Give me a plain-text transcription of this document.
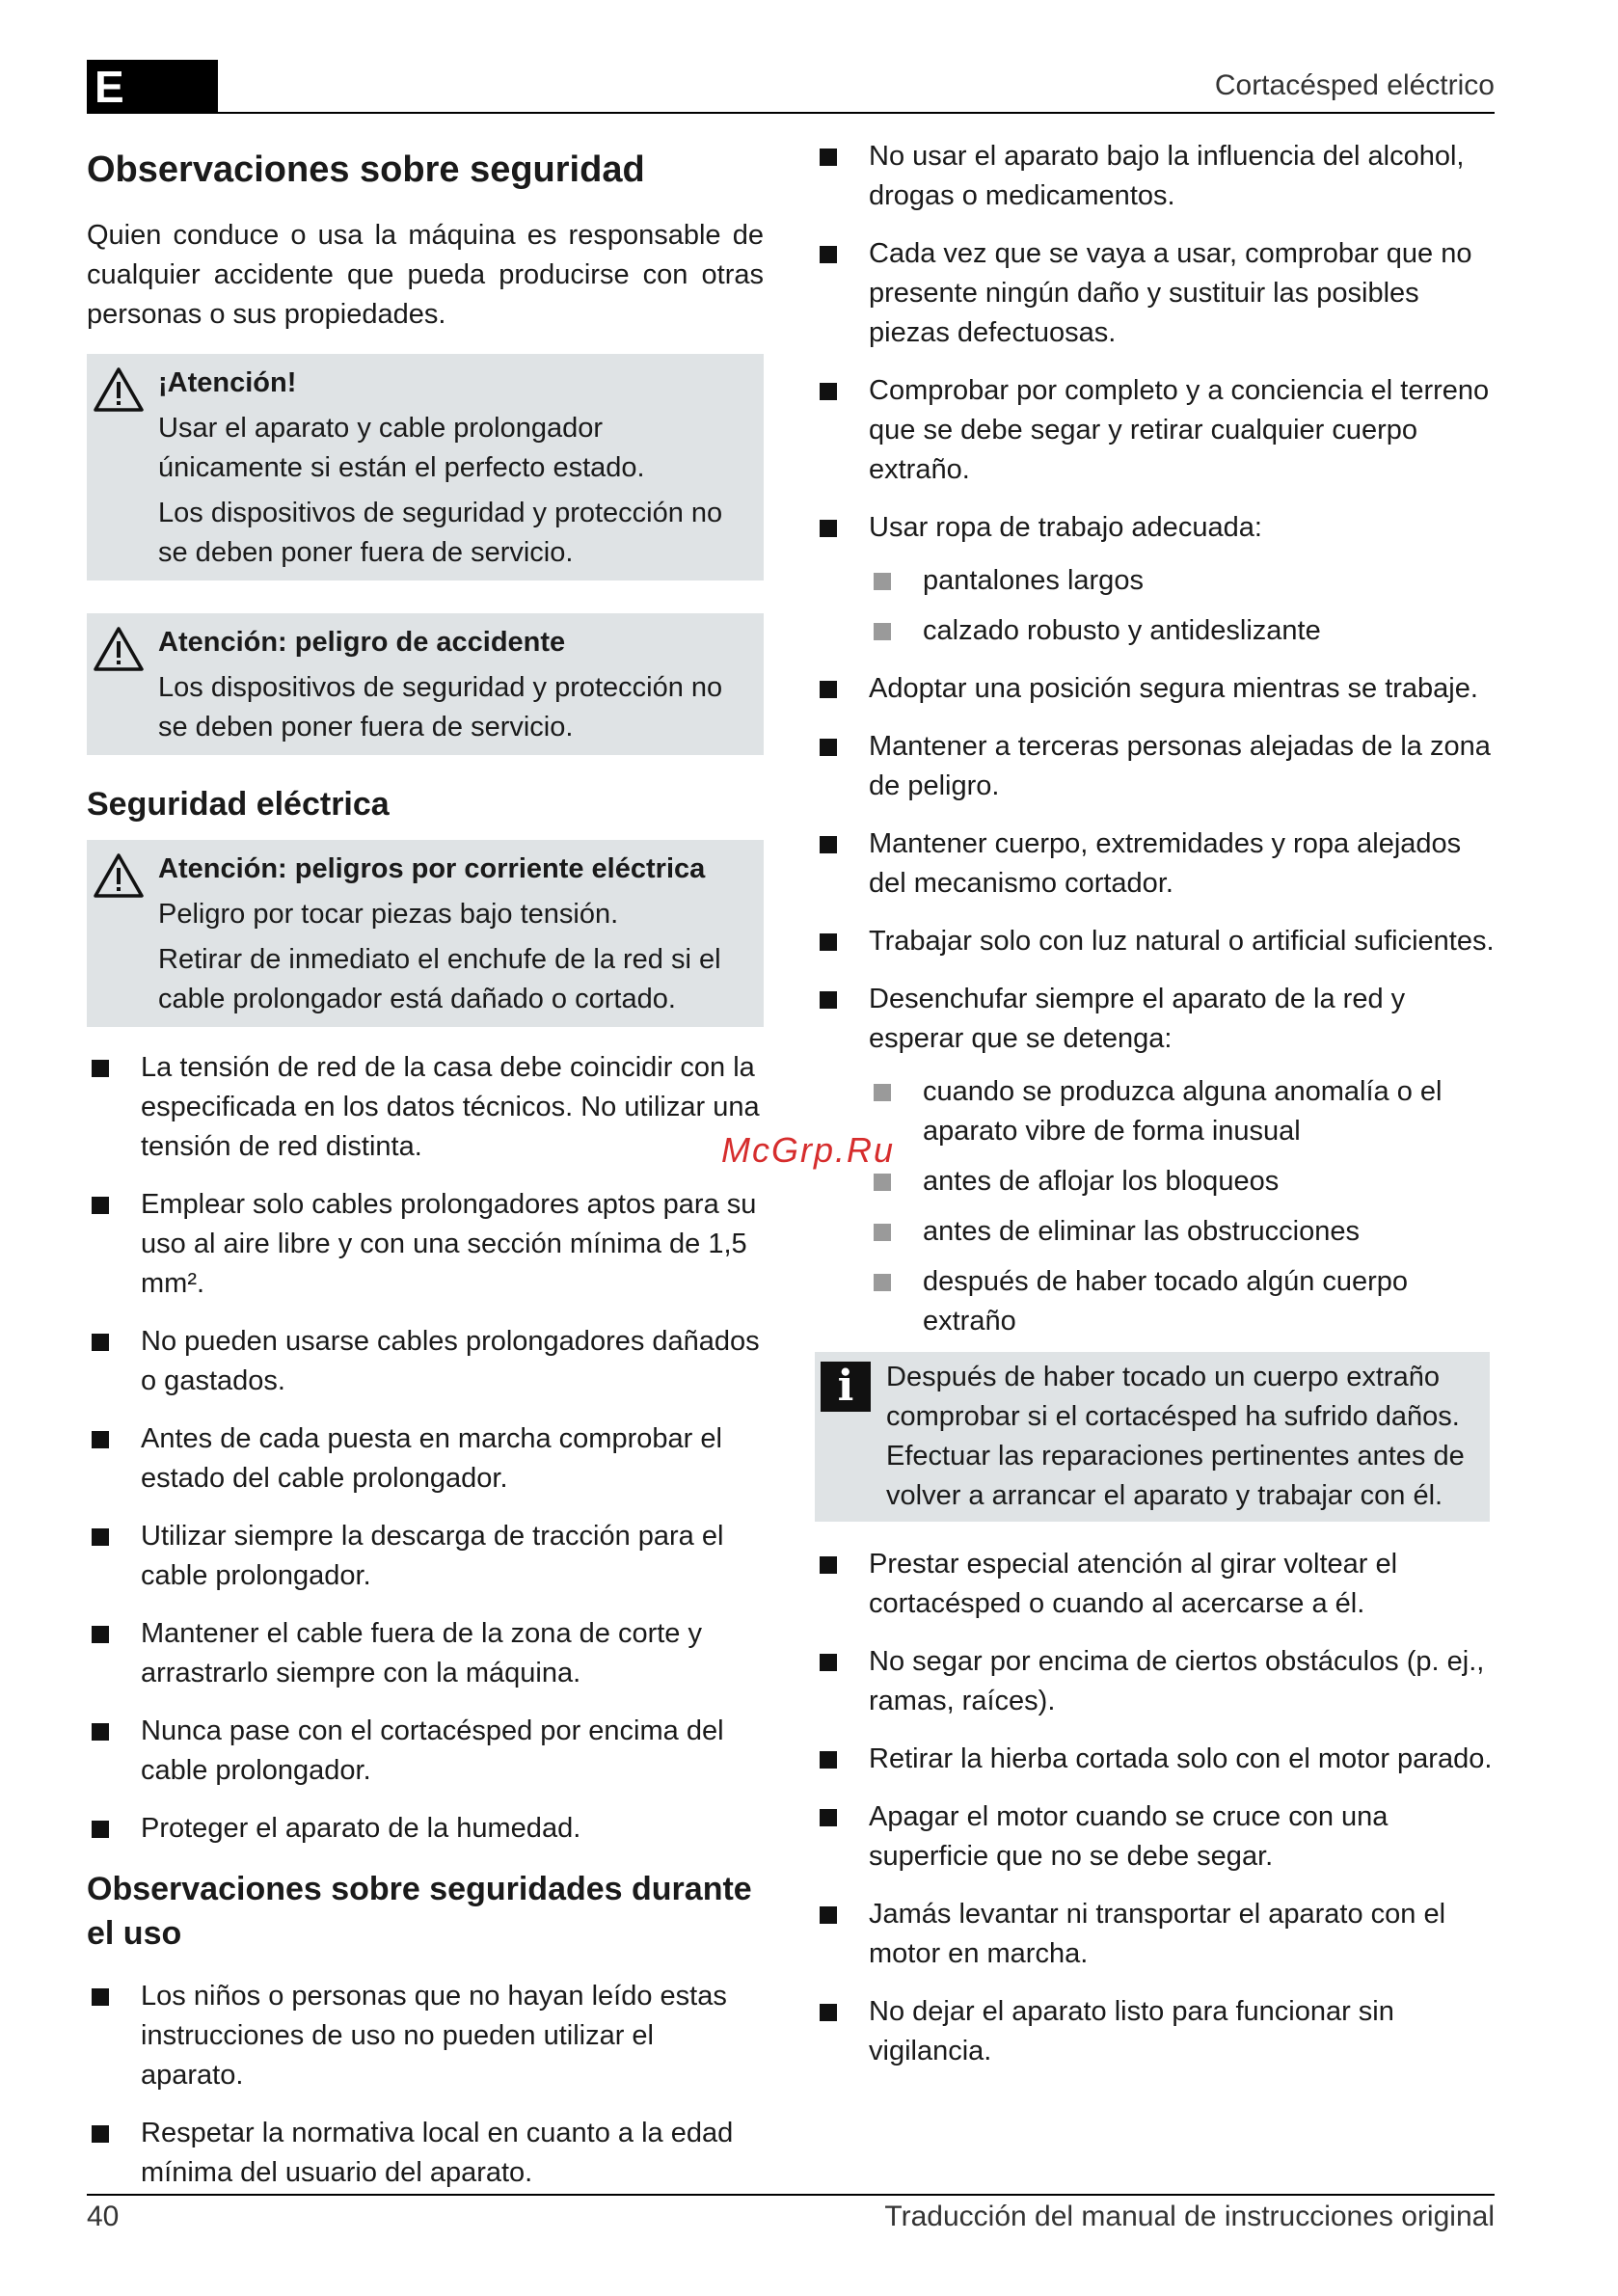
E	Cortacésped eléctrico
Observaciones sobre seguridad

Quien conduce o usa la máquina es responsable de cualquier accidente que pueda producirse con otras personas o sus propiedades.

¡Atención!

Usar el aparato y cable prolongador únicamente si están el perfecto estado.

Los dispositivos de seguridad y protección no se deben poner fuera de servicio.

Atención: peligro de accidente

Los dispositivos de seguridad y protección no se deben poner fuera de servicio.

Seguridad eléctrica
Atención: peligros por corriente eléctrica

Peligro por tocar piezas bajo tensión.

Retirar de inmediato el enchufe de la red si el cable prolongador está dañado o cortado.

La tensión de red de la casa debe coincidir con la especificada en los datos técnicos. No utilizar una tensión de red distinta.
Emplear solo cables prolongadores aptos para su uso al aire libre y con una sección mínima de 1,5 mm².
No pueden usarse cables prolongadores dañados o gastados.
Antes de cada puesta en marcha comprobar el estado del cable prolongador.
Utilizar siempre la descarga de tracción para el cable prolongador.
Mantener el cable fuera de la zona de corte y arrastrarlo siempre con la máquina.
Nunca pase con el cortacésped por encima del cable prolongador.
Proteger el aparato de la humedad.
Observaciones sobre seguridades durante el uso
Los niños o personas que no hayan leído estas instrucciones de uso no pueden utilizar el aparato.
Respetar la normativa local en cuanto a la edad mínima del usuario del aparato.
No usar el aparato bajo la influencia del alcohol, drogas o medicamentos.
Cada vez que se vaya a usar, comprobar que no presente ningún daño y sustituir las posibles piezas defectuosas.
Comprobar por completo y a conciencia el terreno que se debe segar y retirar cualquier cuerpo extraño.
Usar ropa de trabajo adecuada:
pantalones largos
calzado robusto y antideslizante
Adoptar una posición segura mientras se trabaje.
Mantener a terceras personas alejadas de la zona de peligro.
Mantener cuerpo, extremidades y ropa alejados del mecanismo cortador.
Trabajar solo con luz natural o artificial suficientes.
Desenchufar siempre el aparato de la red y esperar que se detenga:
cuando se produzca alguna anomalía o el aparato vibre de forma inusual
antes de aflojar los bloqueos
antes de eliminar las obstrucciones
después de haber tocado algún cuerpo extraño
i	Después de haber tocado un cuerpo extraño comprobar si el cortacésped ha sufrido daños. Efectuar las reparaciones pertinentes antes de volver a arrancar el aparato y trabajar con él.

Prestar especial atención al girar voltear el cortacésped o cuando al acercarse a él.
No segar por encima de ciertos obstáculos (p. ej., ramas, raíces).
Retirar la hierba cortada solo con el motor parado.
Apagar el motor cuando se cruce con una superficie que no se debe segar.
Jamás levantar ni transportar el aparato con el motor en marcha.
No dejar el aparato listo para funcionar sin vigilancia.
McGrp.Ru
40	Traducción del manual de instrucciones original
